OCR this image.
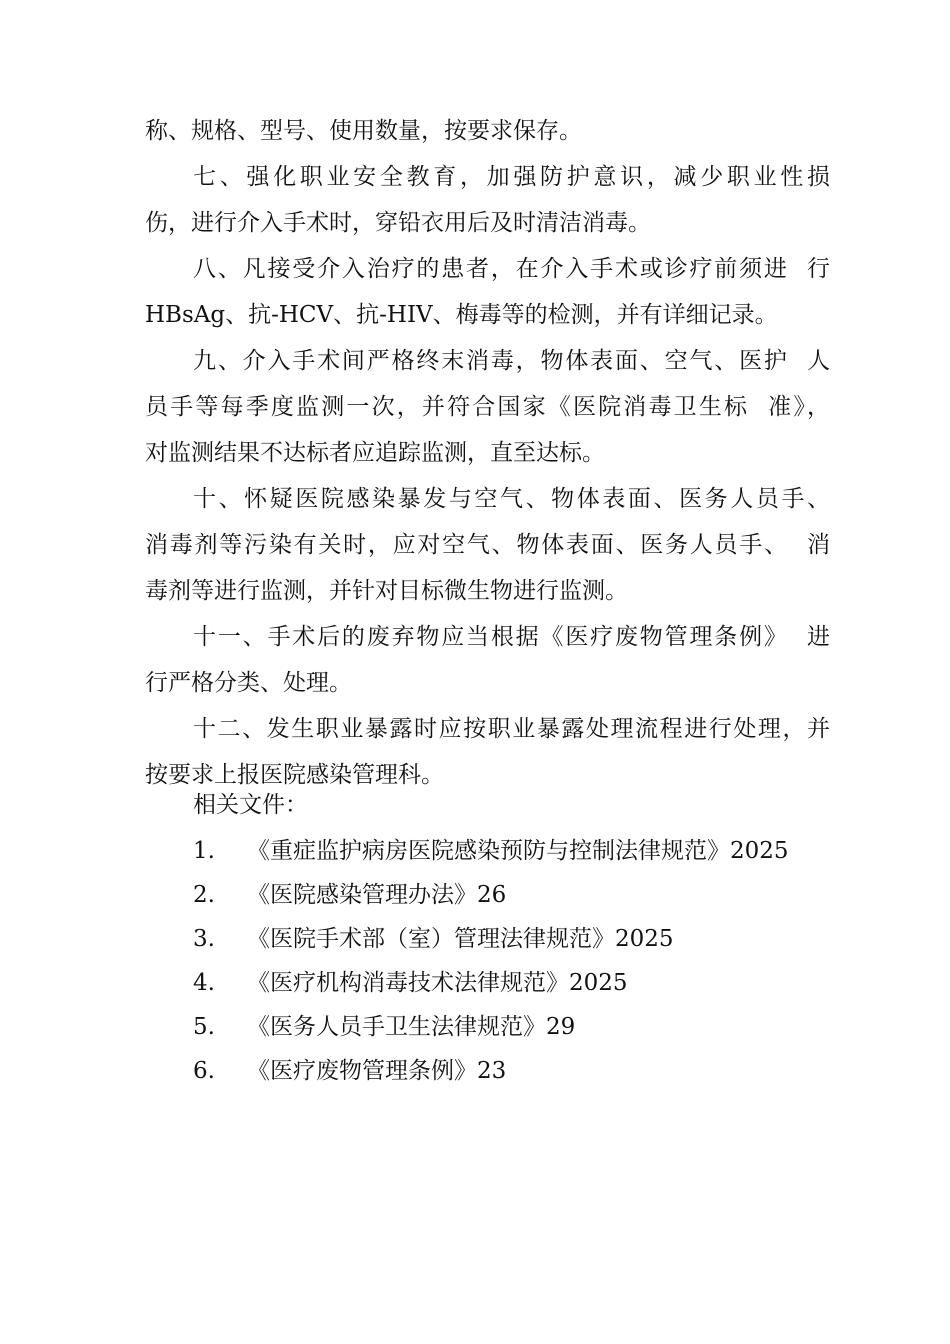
称、规格、型号、使用数量，按要求保存。
七、强化职业安全教育，加强防护意识，减少职业性损
伤，进行介入手术时，穿铅衣用后及时清洁消毒。
八、凡接受介入治疗的患者，在介入手术或诊疗前须进  行
HBsAg、抗-HCV、抗-HIV、梅毒等的检测，并有详细记录。
九、介入手术间严格终末消毒，物体表面、空气、医护  人
员手等每季度监测一次，并符合国家《医院消毒卫生标  准》，
对监测结果不达标者应追踪监测，直至达标。
十、怀疑医院感染暴发与空气、物体表面、医务人员手、
消毒剂等污染有关时，应对空气、物体表面、医务人员手、  消
毒剂等进行监测，并针对目标微生物进行监测。
十一、手术后的废弃物应当根据《医疗废物管理条例》  进
行严格分类、处理。
十二、发生职业暴露时应按职业暴露处理流程进行处理，并
按要求上报医院感染管理科。
相关文件：
1. 《重症监护病房医院感染预防与控制法律规范》2025
2. 《医院感染管理办法》26
3. 《医院手术部（室）管理法律规范》2025
4. 《医疗机构消毒技术法律规范》2025
5. 《医务人员手卫生法律规范》29
6. 《医疗废物管理条例》23
